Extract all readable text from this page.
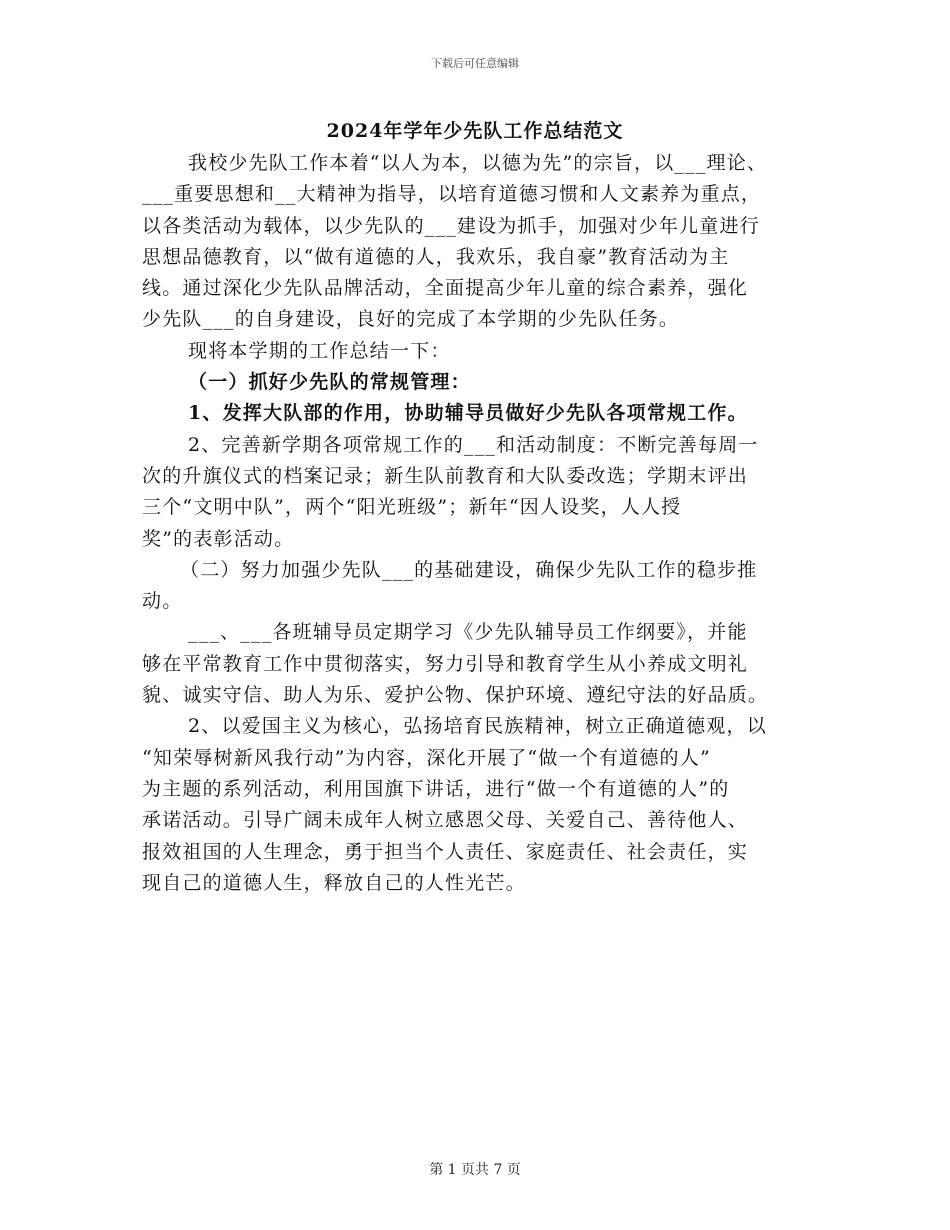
下载后可任意编辑
2024年学年少先队工作总结范文
我校少先队工作本着“以人为本，以德为先”的宗旨，以___理论、
___重要思想和__大精神为指导，以培育道德习惯和人文素养为重点，
以各类活动为载体，以少先队的___建设为抓手，加强对少年儿童进行
思想品德教育，以“做有道德的人，我欢乐，我自豪”教育活动为主
线。通过深化少先队品牌活动，全面提高少年儿童的综合素养，强化
少先队___的自身建设，良好的完成了本学期的少先队任务。
现将本学期的工作总结一下：
（一）抓好少先队的常规管理：
1、发挥大队部的作用，协助辅导员做好少先队各项常规工作。
2、完善新学期各项常规工作的___和活动制度：不断完善每周一
次的升旗仪式的档案记录；新生队前教育和大队委改选；学期末评出
三个“文明中队”，两个“阳光班级”；新年“因人设奖，人人授
奖”的表彰活动。
（二）努力加强少先队___的基础建设，确保少先队工作的稳步推
动。
___、___各班辅导员定期学习《少先队辅导员工作纲要》，并能
够在平常教育工作中贯彻落实，努力引导和教育学生从小养成文明礼
貌、诚实守信、助人为乐、爱护公物、保护环境、遵纪守法的好品质。
2、以爱国主义为核心，弘扬培育民族精神，树立正确道德观，以
“知荣辱树新风我行动”为内容，深化开展了“做一个有道德的人”
为主题的系列活动，利用国旗下讲话，进行“做一个有道德的人”的
承诺活动。引导广阔未成年人树立感恩父母、关爱自己、善待他人、
报效祖国的人生理念，勇于担当个人责任、家庭责任、社会责任，实
现自己的道德人生，释放自己的人性光芒。
第 1 页共 7 页
